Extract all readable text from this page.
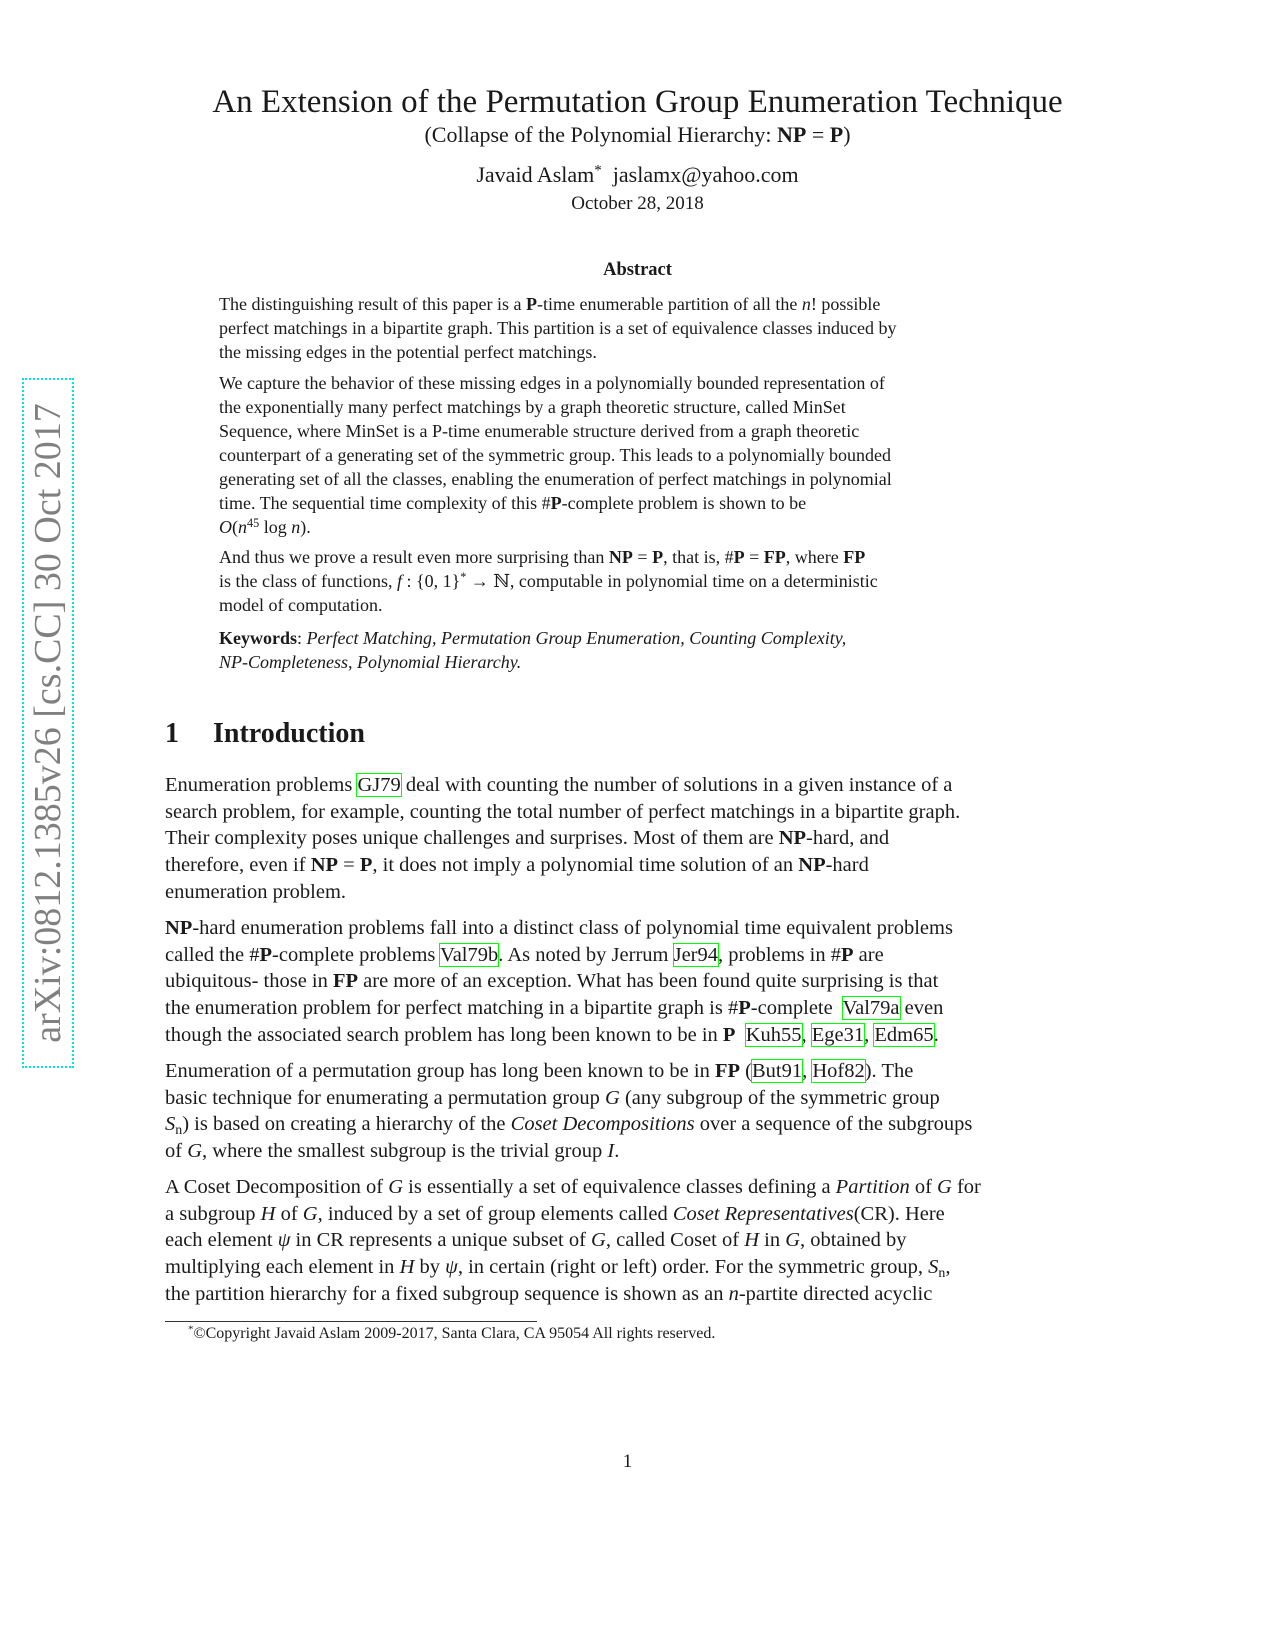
arXiv:0812.1385v26 [cs.CC] 30 Oct 2017
An Extension of the Permutation Group Enumeration Technique
(Collapse of the Polynomial Hierarchy: NP = P)
Javaid Aslam* jaslamx@yahoo.com
October 28, 2018
Abstract
The distinguishing result of this paper is a P-time enumerable partition of all the n! possible
perfect matchings in a bipartite graph. This partition is a set of equivalence classes induced by
the missing edges in the potential perfect matchings.
We capture the behavior of these missing edges in a polynomially bounded representation of
the exponentially many perfect matchings by a graph theoretic structure, called MinSet
Sequence, where MinSet is a P-time enumerable structure derived from a graph theoretic
counterpart of a generating set of the symmetric group. This leads to a polynomially bounded
generating set of all the classes, enabling the enumeration of perfect matchings in polynomial
time. The sequential time complexity of this #P-complete problem is shown to be
$O(n^{45}$ log n).
And thus we prove a result even more surprising than NP = P, that is, #P = FP, where FP
is the class of functions, f : {0, 1}* → ℕ, computable in polynomial time on a deterministic
model of computation.
Keywords: Perfect Matching, Permutation Group Enumeration, Counting Complexity,
NP-Completeness, Polynomial Hierarchy.
1 Introduction
Enumeration problems GJ79 deal with counting the number of solutions in a given instance of a
search problem, for example, counting the total number of perfect matchings in a bipartite graph.
Their complexity poses unique challenges and surprises. Most of them are NP-hard, and
therefore, even if NP = P, it does not imply a polynomial time solution of an NP-hard
enumeration problem.
NP-hard enumeration problems fall into a distinct class of polynomial time equivalent problems
called the #P-complete problems Val79b. As noted by Jerrum Jer94, problems in #P are
ubiquitous- those in FP are more of an exception. What has been found quite surprising is that
the enumeration problem for perfect matching in a bipartite graph is #P-complete  Val79a even
though the associated search problem has long been known to be in P Kuh55, Ege31, Edm65.
Enumeration of a permutation group has long been known to be in FP (But91, Hof82). The
basic technique for enumerating a permutation group G (any subgroup of the symmetric group
$S_n$) is based on creating a hierarchy of the Coset Decompositions over a sequence of the subgroups
of G, where the smallest subgroup is the trivial group I.
A Coset Decomposition of G is essentially a set of equivalence classes defining a Partition of G for
a subgroup H of G, induced by a set of group elements called Coset Representatives(CR). Here
each element ψ in CR represents a unique subset of G, called Coset of H in G, obtained by
multiplying each element in H by ψ, in certain (right or left) order. For the symmetric group, $S_n$,
the partition hierarchy for a fixed subgroup sequence is shown as an n-partite directed acyclic
*©Copyright Javaid Aslam 2009-2017, Santa Clara, CA 95054 All rights reserved.
1
